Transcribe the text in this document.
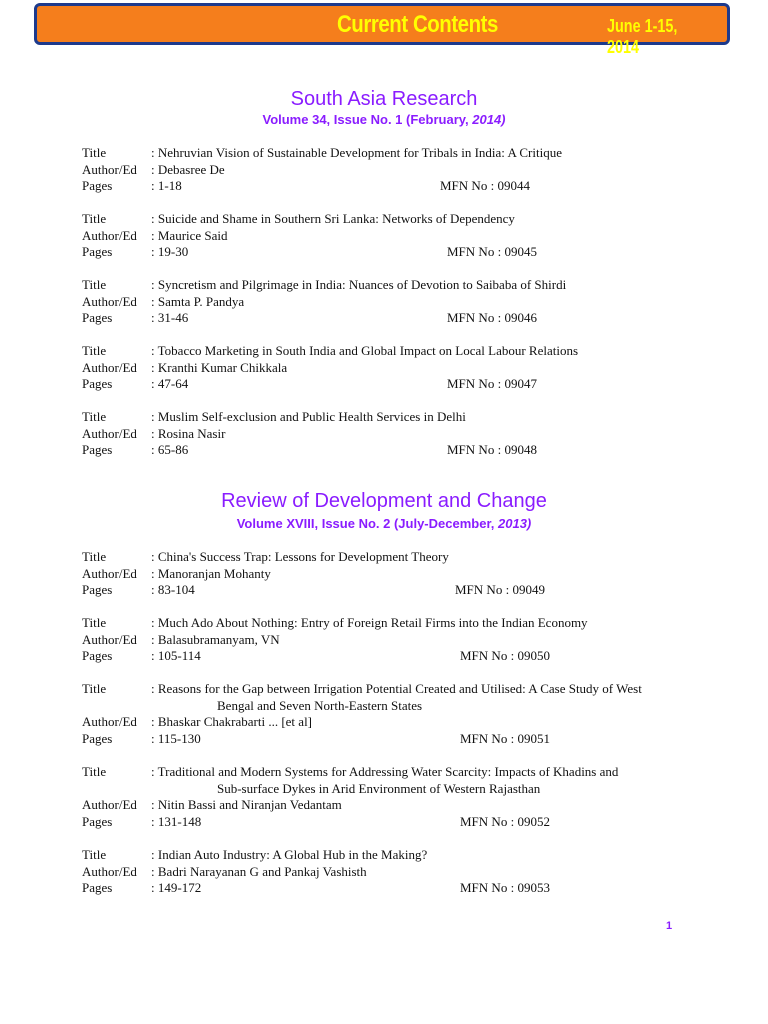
Current Contents	June 1-15, 2014
South Asia Research
Volume 34, Issue No. 1 (February, 2014)
Title	: Nehruvian Vision of Sustainable Development for Tribals in India: A Critique
Author/Ed : Debasree De
Pages	: 1-18	MFN No : 09044
Title	: Suicide and Shame in Southern Sri Lanka: Networks of Dependency
Author/Ed : Maurice Said
Pages	: 19-30	MFN No : 09045
Title	: Syncretism and Pilgrimage in India: Nuances of Devotion to Saibaba of Shirdi
Author/Ed : Samta P. Pandya
Pages	: 31-46	MFN No : 09046
Title	: Tobacco Marketing in South India and Global Impact on Local Labour Relations
Author/Ed : Kranthi Kumar Chikkala
Pages	: 47-64	MFN No : 09047
Title	: Muslim Self-exclusion and Public Health Services in Delhi
Author/Ed : Rosina Nasir
Pages	: 65-86	MFN No : 09048
Review of Development and Change
Volume XVIII, Issue No. 2 (July-December, 2013)
Title	: China's Success Trap: Lessons for Development Theory
Author/Ed : Manoranjan Mohanty
Pages	: 83-104	MFN No : 09049
Title	: Much Ado About Nothing: Entry of Foreign Retail Firms into the Indian Economy
Author/Ed : Balasubramanyam, VN
Pages	: 105-114	MFN No : 09050
Title	: Reasons for the Gap between Irrigation Potential Created and Utilised: A Case Study of West
Bengal and Seven North-Eastern States
Author/Ed : Bhaskar Chakrabarti ... [et al]
Pages	: 115-130	MFN No : 09051
Title	: Traditional and Modern Systems for Addressing Water Scarcity: Impacts of Khadins and
Sub-surface Dykes in Arid Environment of Western Rajasthan
Author/Ed : Nitin Bassi and Niranjan Vedantam
Pages	: 131-148	MFN No : 09052
Title	: Indian Auto Industry: A Global Hub in the Making?
Author/Ed : Badri Narayanan G and Pankaj Vashisth
Pages	: 149-172	MFN No : 09053
1
